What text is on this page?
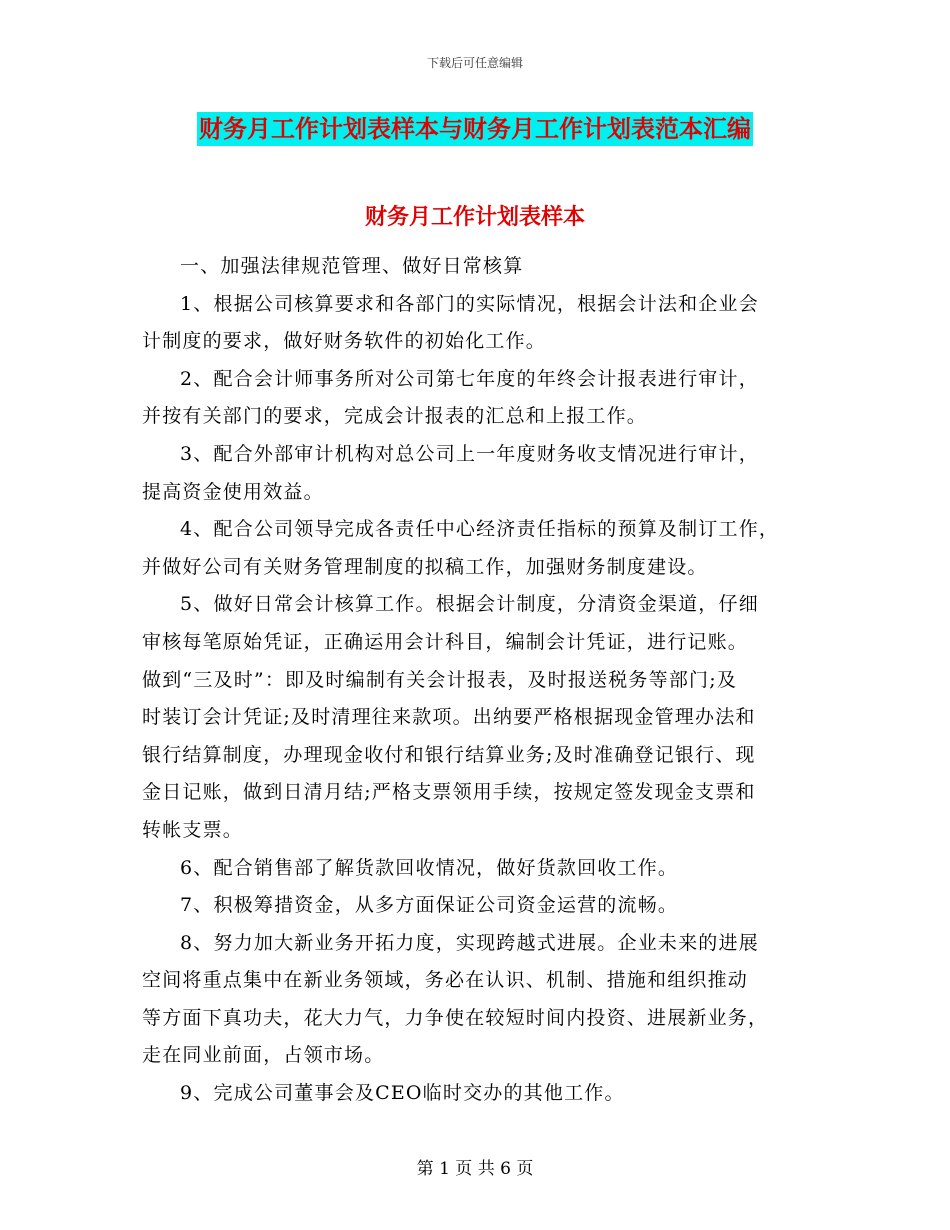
下载后可任意编辑
财务月工作计划表样本与财务月工作计划表范本汇编
财务月工作计划表样本

一、加强法律规范管理、做好日常核算

1、根据公司核算要求和各部门的实际情况，根据会计法和企业会
计制度的要求，做好财务软件的初始化工作。

2、配合会计师事务所对公司第七年度的年终会计报表进行审计，
并按有关部门的要求，完成会计报表的汇总和上报工作。

3、配合外部审计机构对总公司上一年度财务收支情况进行审计，
提高资金使用效益。

4、配合公司领导完成各责任中心经济责任指标的预算及制订工作，
并做好公司有关财务管理制度的拟稿工作，加强财务制度建设。

5、做好日常会计核算工作。根据会计制度，分清资金渠道，仔细
审核每笔原始凭证，正确运用会计科目，编制会计凭证，进行记账。
做到“三及时”：即及时编制有关会计报表，及时报送税务等部门;及
时装订会计凭证;及时清理往来款项。出纳要严格根据现金管理办法和
银行结算制度，办理现金收付和银行结算业务;及时准确登记银行、现
金日记账，做到日清月结;严格支票领用手续，按规定签发现金支票和
转帐支票。

6、配合销售部了解货款回收情况，做好货款回收工作。

7、积极筹措资金，从多方面保证公司资金运营的流畅。

8、努力加大新业务开拓力度，实现跨越式进展。企业未来的进展
空间将重点集中在新业务领域，务必在认识、机制、措施和组织推动
等方面下真功夫，花大力气，力争使在较短时间内投资、进展新业务，
走在同业前面，占领市场。

9、完成公司董事会及CEO临时交办的其他工作。

第 1 页 共 6 页
